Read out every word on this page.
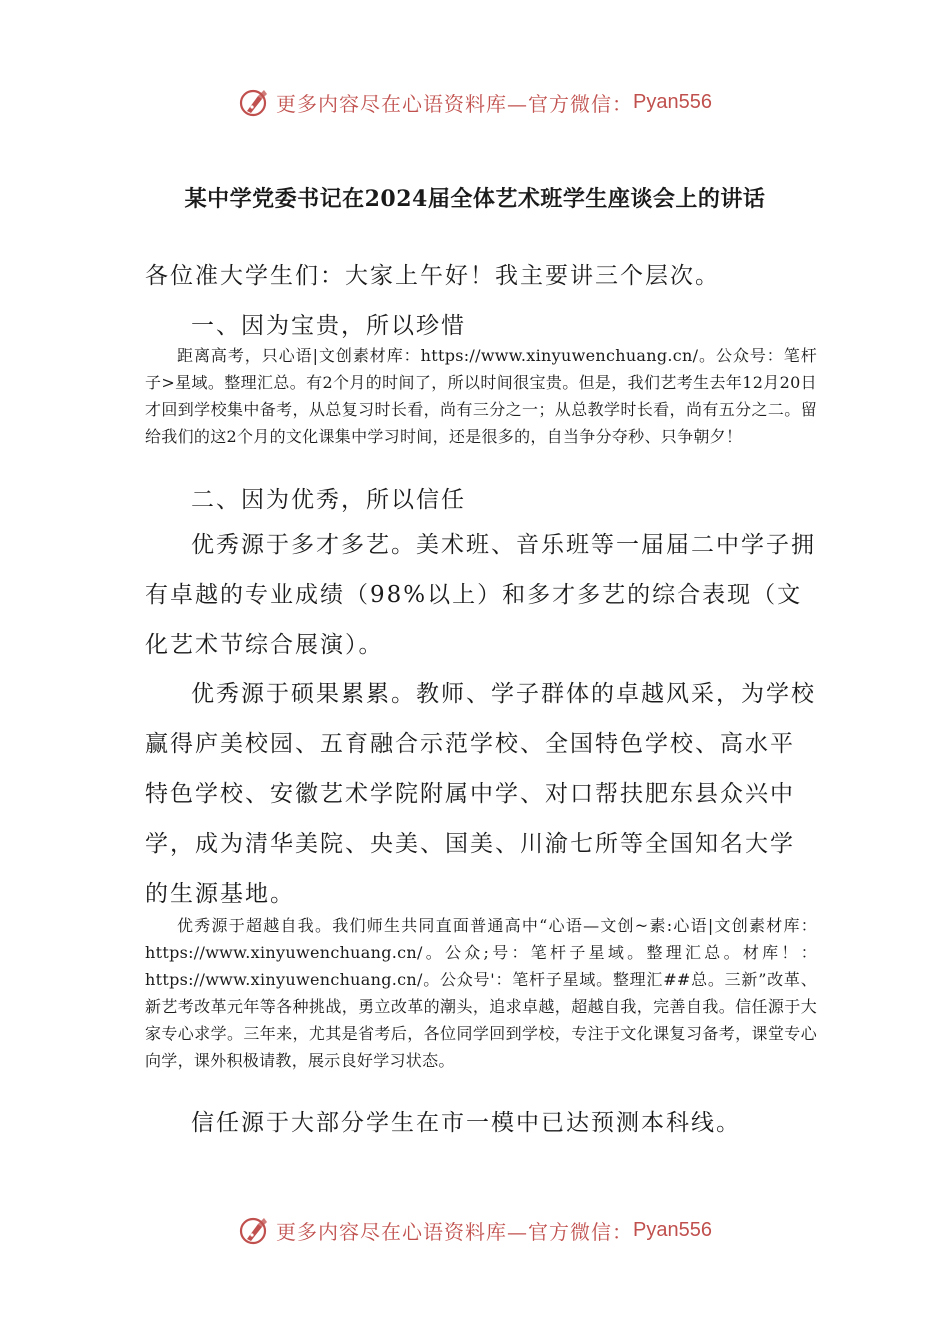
更多内容尽在心语资料库—官方微信： Pyan556
某中学党委书记在2024届全体艺术班学生座谈会上的讲话

各位准大学生们：大家上午好！我主要讲三个层次。

一、因为宝贵，所以珍惜

距离高考，只心语|文创素材库：https://www.xinyuwenchuang.cn/。公众号：笔杆子>星域。整理汇总。有2个月的时间了，所以时间很宝贵。但是，我们艺考生去年12月20日才回到学校集中备考，从总复习时长看，尚有三分之一；从总教学时长看，尚有五分之二。留给我们的这2个月的文化课集中学习时间，还是很多的，自当争分夺秒、只争朝夕！

二、因为优秀，所以信任

优秀源于多才多艺。美术班、音乐班等一届届二中学子拥有卓越的专业成绩（98%以上）和多才多艺的综合表现（文化艺术节综合展演）。

优秀源于硕果累累。教师、学子群体的卓越风采，为学校赢得庐美校园、五育融合示范学校、全国特色学校、高水平特色学校、安徽艺术学院附属中学、对口帮扶肥东县众兴中学，成为清华美院、央美、国美、川渝七所等全国知名大学的生源基地。

优秀源于超越自我。我们师生共同直面普通高中“心语—文创~素:心语|文创素材库：https://www.xinyuwenchuang.cn/。公众;号：笔杆子星域。整理汇总。材库！：https://www.xinyuwenchuang.cn/。公众号'：笔杆子星域。整理汇##总。三新”改革、新艺考改革元年等各种挑战，勇立改革的潮头，追求卓越，超越自我，完善自我。信任源于大家专心求学。三年来，尤其是省考后，各位同学回到学校，专注于文化课复习备考，课堂专心向学，课外积极请教，展示良好学习状态。

信任源于大部分学生在市一模中已达预测本科线。

更多内容尽在心语资料库—官方微信： Pyan556
